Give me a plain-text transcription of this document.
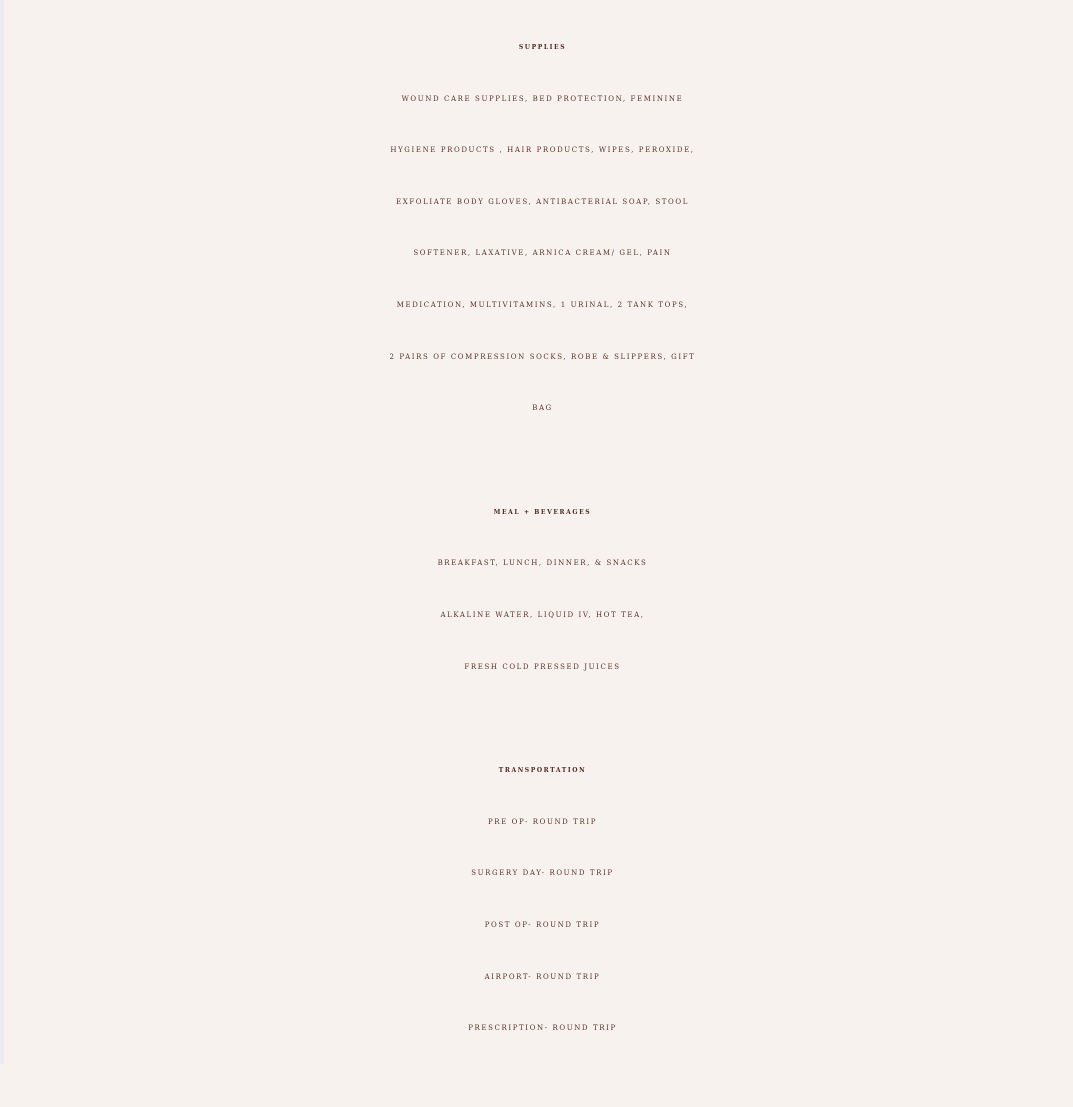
SUPPLIES
WOUND CARE SUPPLIES, BED PROTECTION, FEMININE
HYGIENE PRODUCTS , HAIR PRODUCTS, WIPES, PEROXIDE,
EXFOLIATE BODY GLOVES, ANTIBACTERIAL SOAP, STOOL
SOFTENER, LAXATIVE, ARNICA CREAM/ GEL, PAIN
MEDICATION, MULTIVITAMINS, 1 URINAL, 2 TANK TOPS,
2 PAIRS OF COMPRESSION SOCKS, ROBE & SLIPPERS, GIFT
BAG
MEAL + BEVERAGES
BREAKFAST, LUNCH, DINNER, & SNACKS
ALKALINE WATER, LIQUID IV, HOT TEA,
FRESH COLD PRESSED JUICES
TRANSPORTATION
PRE OP- ROUND TRIP
SURGERY DAY- ROUND TRIP
POST OP- ROUND TRIP
AIRPORT- ROUND TRIP
PRESCRIPTION- ROUND TRIP
